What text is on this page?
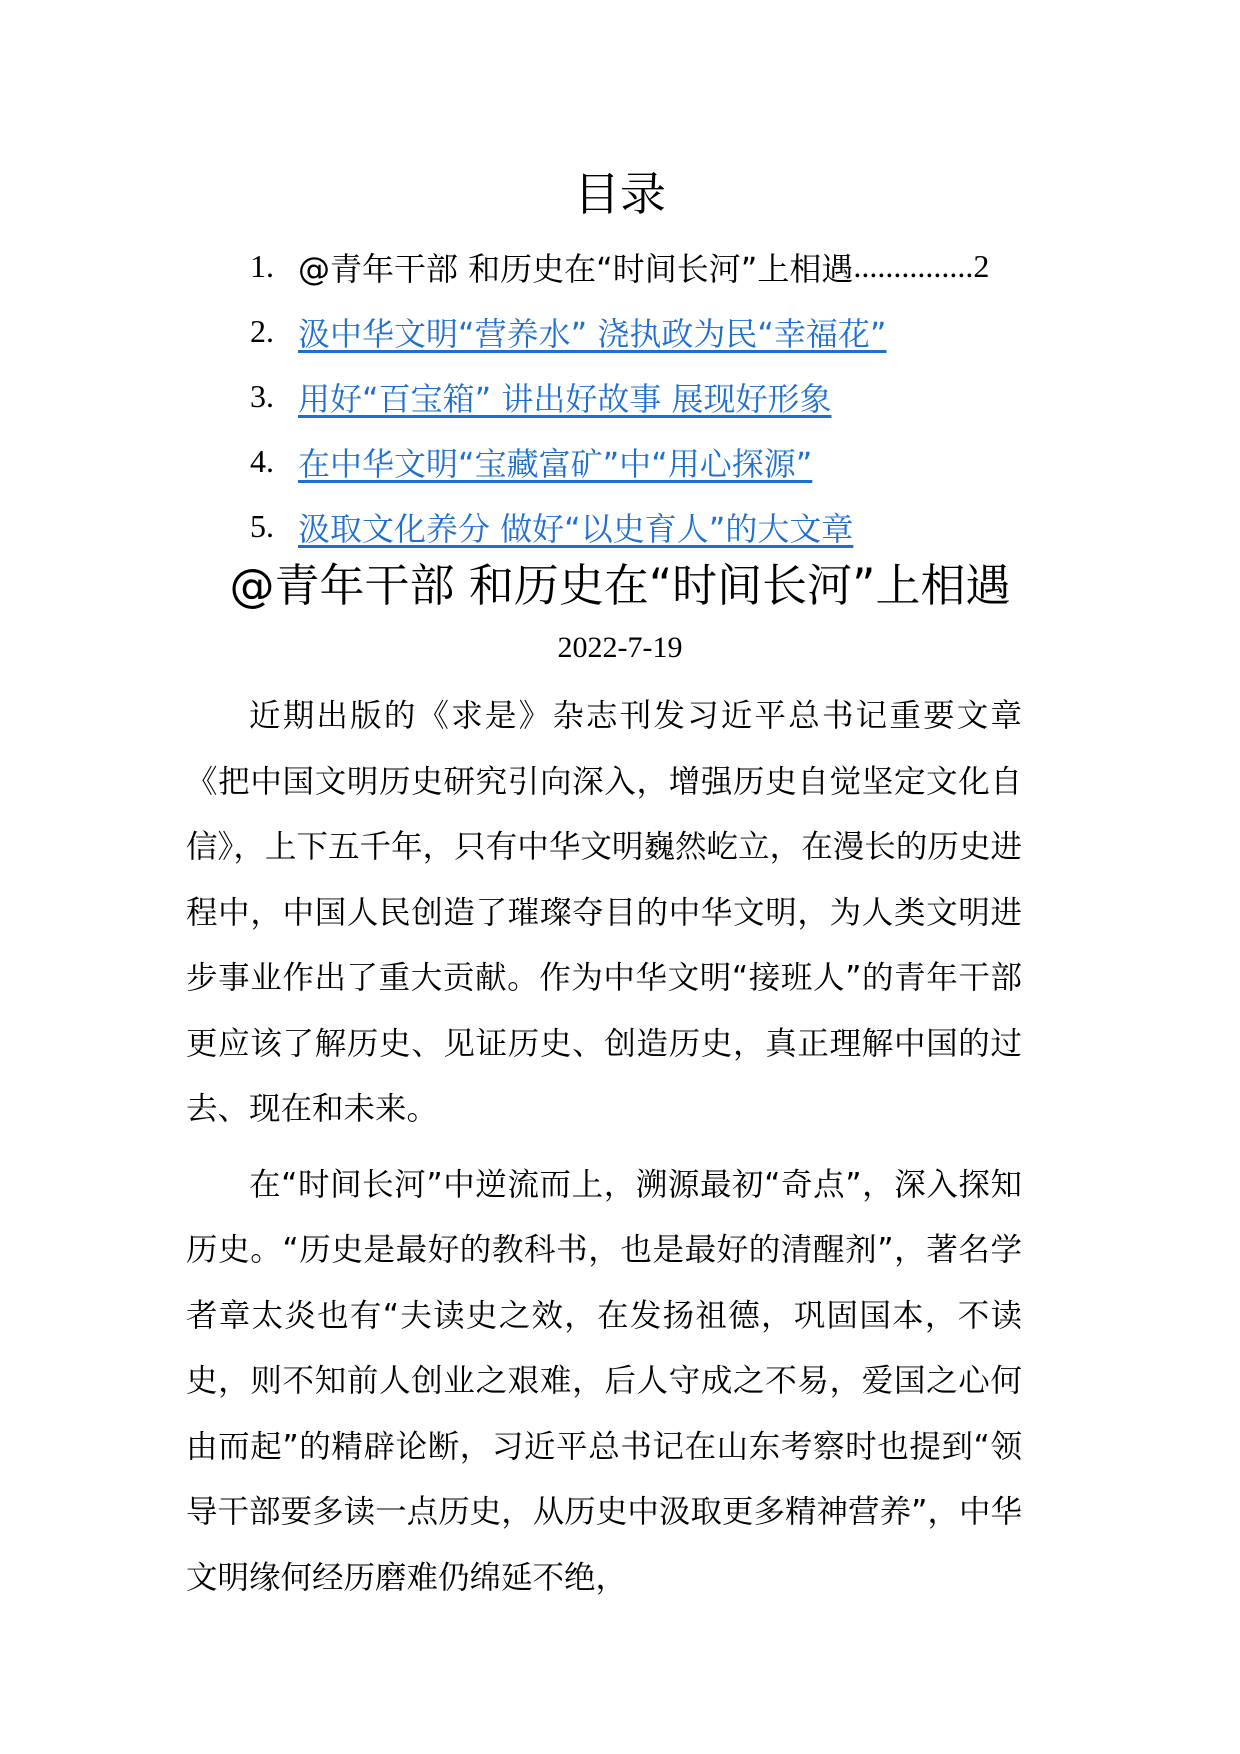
目录
1. @青年干部 和历史在“时间长河”上相遇 ............... 2
2. 汲中华文明“营养水” 浇执政为民“幸福花”
3. 用好“百宝箱” 讲出好故事 展现好形象
4. 在中华文明“宝藏富矿”中“用心探源”
5. 汲取文化养分 做好“以史育人”的大文章
@青年干部 和历史在“时间长河”上相遇
2022-7-19

近期出版的《求是》杂志刊发习近平总书记重要文章《把中国文明历史研究引向深入，增强历史自觉坚定文化自信》，上下五千年，只有中华文明巍然屹立，在漫长的历史进程中，中国人民创造了璀璨夺目的中华文明，为人类文明进步事业作出了重大贡献。作为中华文明“接班人”的青年干部更应该了解历史、见证历史、创造历史，真正理解中国的过去、现在和未来。

在“时间长河”中逆流而上，溯源最初“奇点”，深入探知历史。“历史是最好的教科书，也是最好的清醒剂”，著名学者章太炎也有“夫读史之效，在发扬祖德，巩固国本，不读史，则不知前人创业之艰难，后人守成之不易，爱国之心何由而起”的精辟论断，习近平总书记在山东考察时也提到“领导干部要多读一点历史，从历史中汲取更多精神营养”，中华文明缘何经历磨难仍绵延不绝，
